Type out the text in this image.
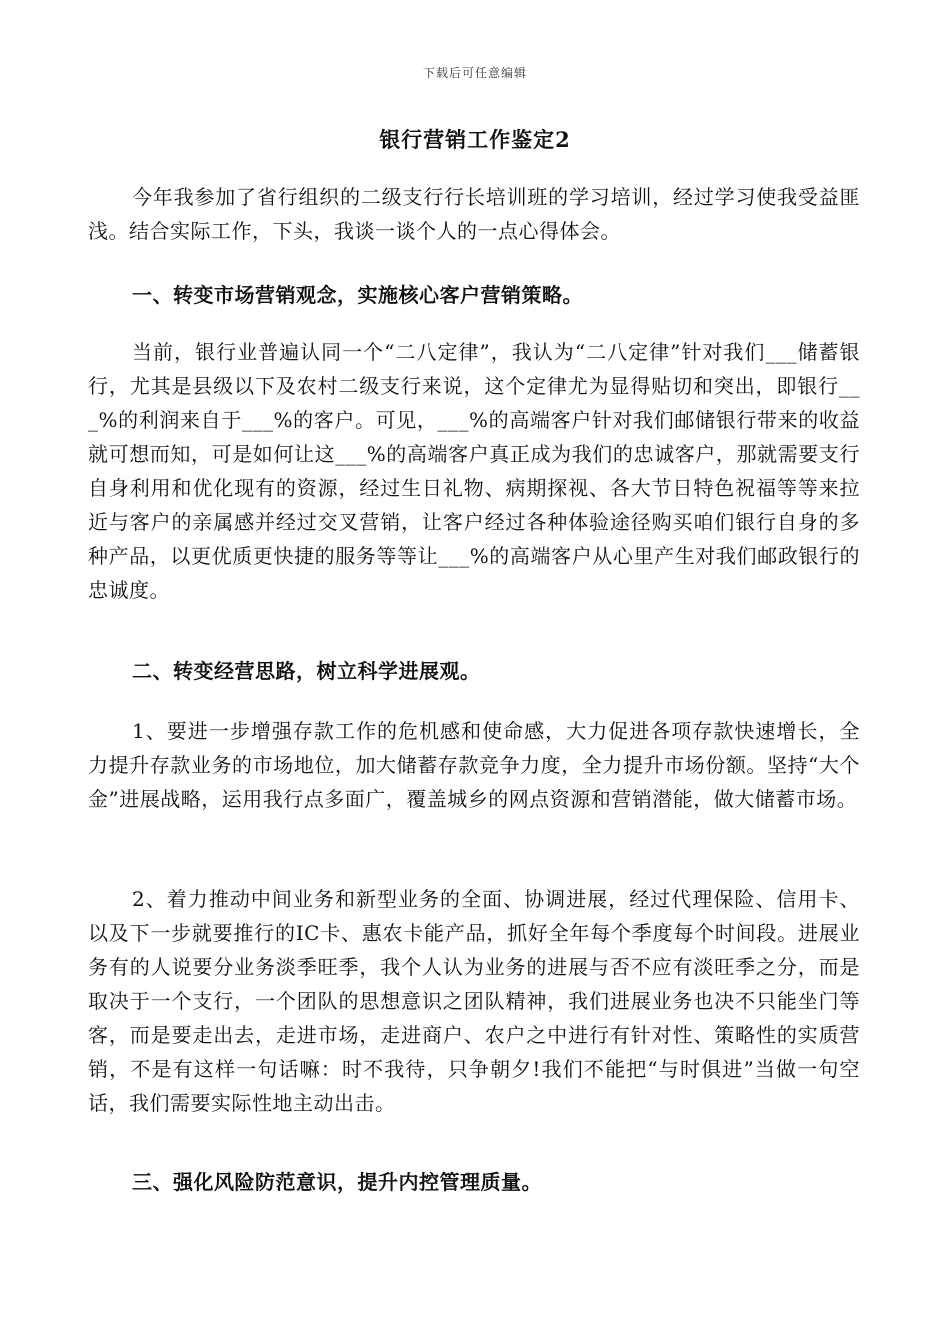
下载后可任意编辑
银行营销工作鉴定2

今年我参加了省行组织的二级支行行长培训班的学习培训，经过学习使我受益匪浅。结合实际工作，下头，我谈一谈个人的一点心得体会。

一、转变市场营销观念，实施核心客户营销策略。

当前，银行业普遍认同一个“二八定律”，我认为“二八定律”针对我们___储蓄银行，尤其是县级以下及农村二级支行来说，这个定律尤为显得贴切和突出，即银行___%的利润来自于___%的客户。可见，___%的高端客户针对我们邮储银行带来的收益就可想而知，可是如何让这___%的高端客户真正成为我们的忠诚客户，那就需要支行自身利用和优化现有的资源，经过生日礼物、病期探视、各大节日特色祝福等等来拉近与客户的亲属感并经过交叉营销，让客户经过各种体验途径购买咱们银行自身的多种产品，以更优质更快捷的服务等等让___%的高端客户从心里产生对我们邮政银行的忠诚度。

二、转变经营思路，树立科学进展观。

1、要进一步增强存款工作的危机感和使命感，大力促进各项存款快速增长，全力提升存款业务的市场地位，加大储蓄存款竞争力度，全力提升市场份额。坚持“大个金”进展战略，运用我行点多面广，覆盖城乡的网点资源和营销潜能，做大储蓄市场。

2、着力推动中间业务和新型业务的全面、协调进展，经过代理保险、信用卡、以及下一步就要推行的IC卡、惠农卡能产品，抓好全年每个季度每个时间段。进展业务有的人说要分业务淡季旺季，我个人认为业务的进展与否不应有淡旺季之分，而是取决于一个支行，一个团队的思想意识之团队精神，我们进展业务也决不只能坐门等客，而是要走出去，走进市场，走进商户、农户之中进行有针对性、策略性的实质营销，不是有这样一句话嘛：时不我待，只争朝夕!我们不能把“与时俱进”当做一句空话，我们需要实际性地主动出击。

三、强化风险防范意识，提升内控管理质量。
